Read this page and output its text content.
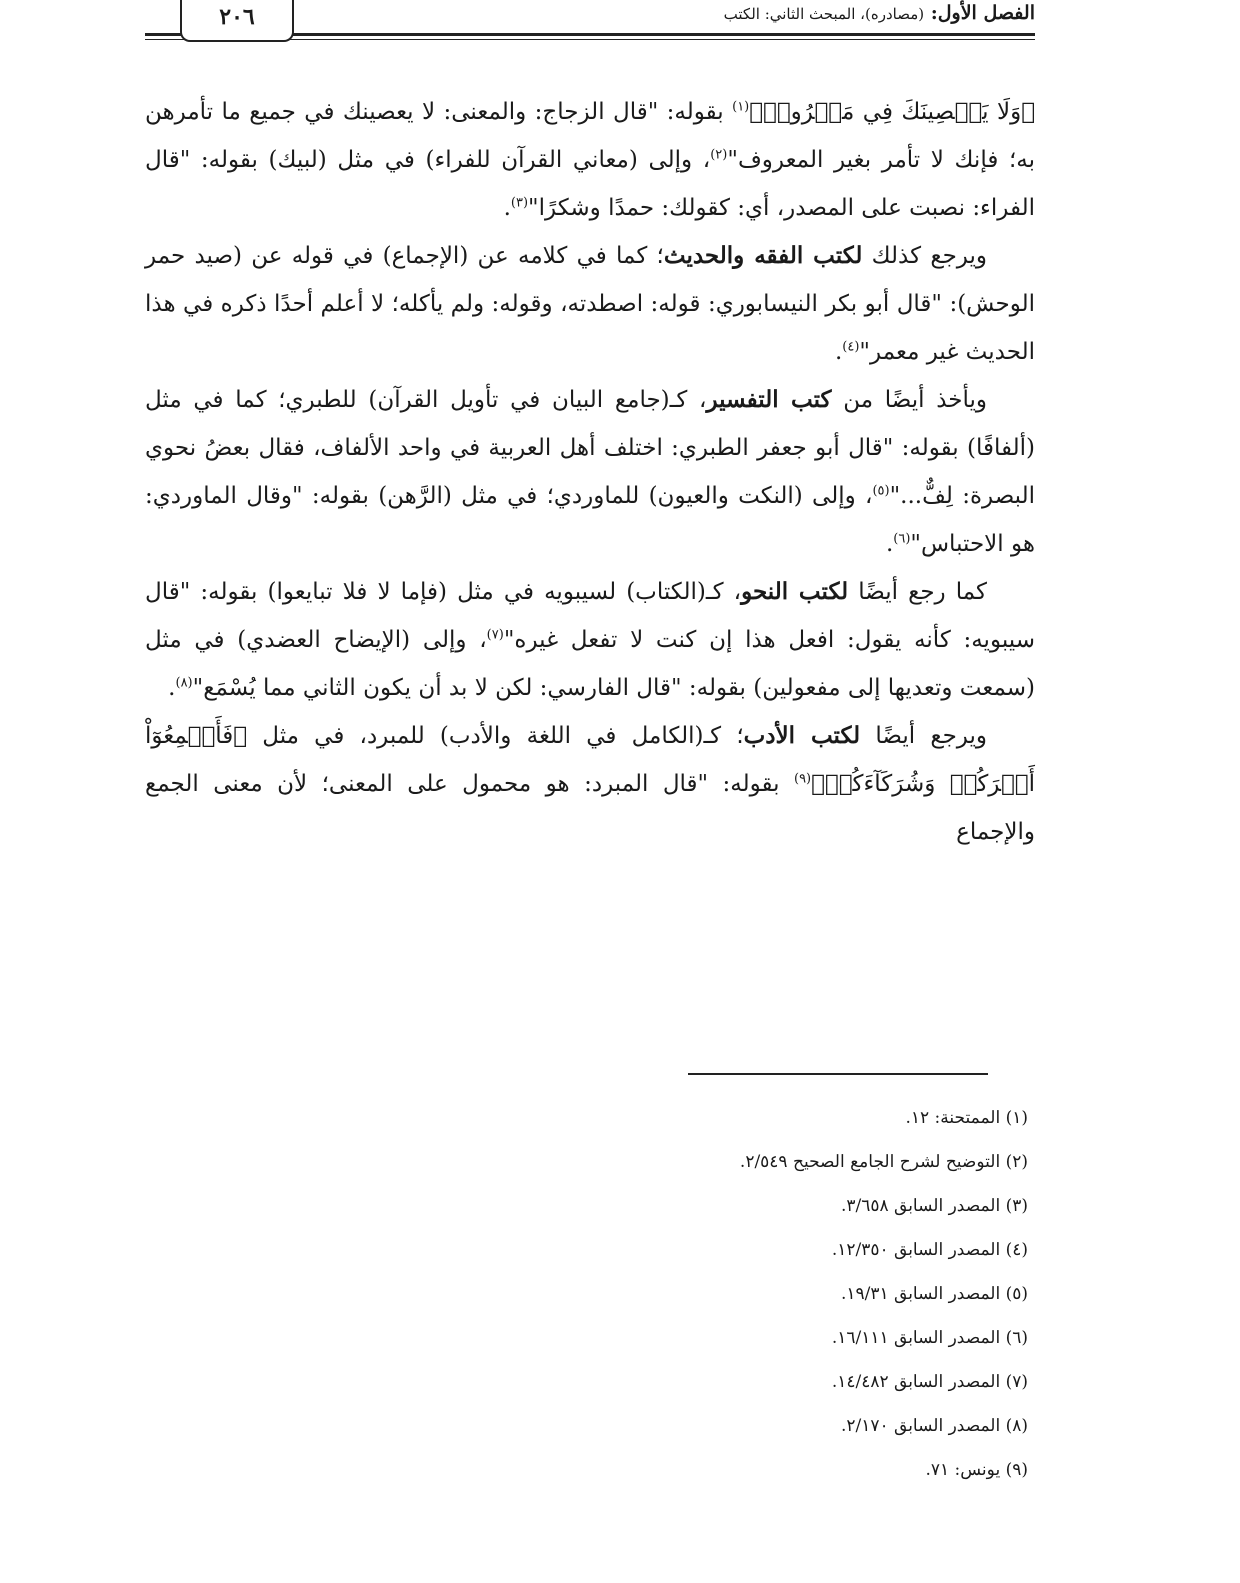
الفصل الأول: (مصادره)، المبحث الثاني: الكتب
٢٠٦

﴿وَلَا يَعۡصِينَكَ فِي مَعۡرُوفٖ﴾$^{(١)}$ بقوله: "قال الزجاج: والمعنى: لا يعصينك في جميع ما تأمرهن به؛ فإنك لا تأمر بغير المعروف"$^{(٢)}$، وإلى (معاني القرآن للفراء) في مثل (لبيك) بقوله: "قال الفراء: نصبت على المصدر، أي: كقولك: حمدًا وشكرًا"$^{(٣)}$.

ويرجع كذلك لكتب الفقه والحديث؛ كما في كلامه عن (الإجماع) في قوله عن (صيد حمر الوحش): "قال أبو بكر النيسابوري: قوله: اصطدته، وقوله: ولم يأكله؛ لا أعلم أحدًا ذكره في هذا الحديث غير معمر"$^{(٤)}$.

ويأخذ أيضًا من كتب التفسير، كـ(جامع البيان في تأويل القرآن) للطبري؛ كما في مثل (ألفافًا) بقوله: "قال أبو جعفر الطبري: اختلف أهل العربية في واحد الألفاف، فقال بعضُ نحوي البصرة: لِفٌّ..."$^{(٥)}$، وإلى (النكت والعيون) للماوردي؛ في مثل (الرَّهن) بقوله: "وقال الماوردي: هو الاحتباس"$^{(٦)}$.

كما رجع أيضًا لكتب النحو، كـ(الكتاب) لسيبويه في مثل (فإما لا فلا تبايعوا) بقوله: "قال سيبويه: كأنه يقول: افعل هذا إن كنت لا تفعل غيره"$^{(٧)}$، وإلى (الإيضاح العضدي) في مثل (سمعت وتعديها إلى مفعولين) بقوله: "قال الفارسي: لكن لا بد أن يكون الثاني مما يُسْمَع"$^{(٨)}$.

ويرجع أيضًا لكتب الأدب؛ كـ(الكامل في اللغة والأدب) للمبرد، في مثل ﴿فَأَجۡمِعُوٓاْ أَمۡرَكُمۡ وَشُرَكَآءَكُمۡ﴾$^{(٩)}$ بقوله: "قال المبرد: هو محمول على المعنى؛ لأن معنى الجمع والإجماع

(١) الممتحنة: ١٢.
(٢) التوضيح لشرح الجامع الصحيح ٢/٥٤٩.
(٣) المصدر السابق ٣/٦٥٨.
(٤) المصدر السابق ١٢/٣٥٠.
(٥) المصدر السابق ١٩/٣١.
(٦) المصدر السابق ١٦/١١١.
(٧) المصدر السابق ١٤/٤٨٢.
(٨) المصدر السابق ٢/١٧٠.
(٩) يونس: ٧١.
